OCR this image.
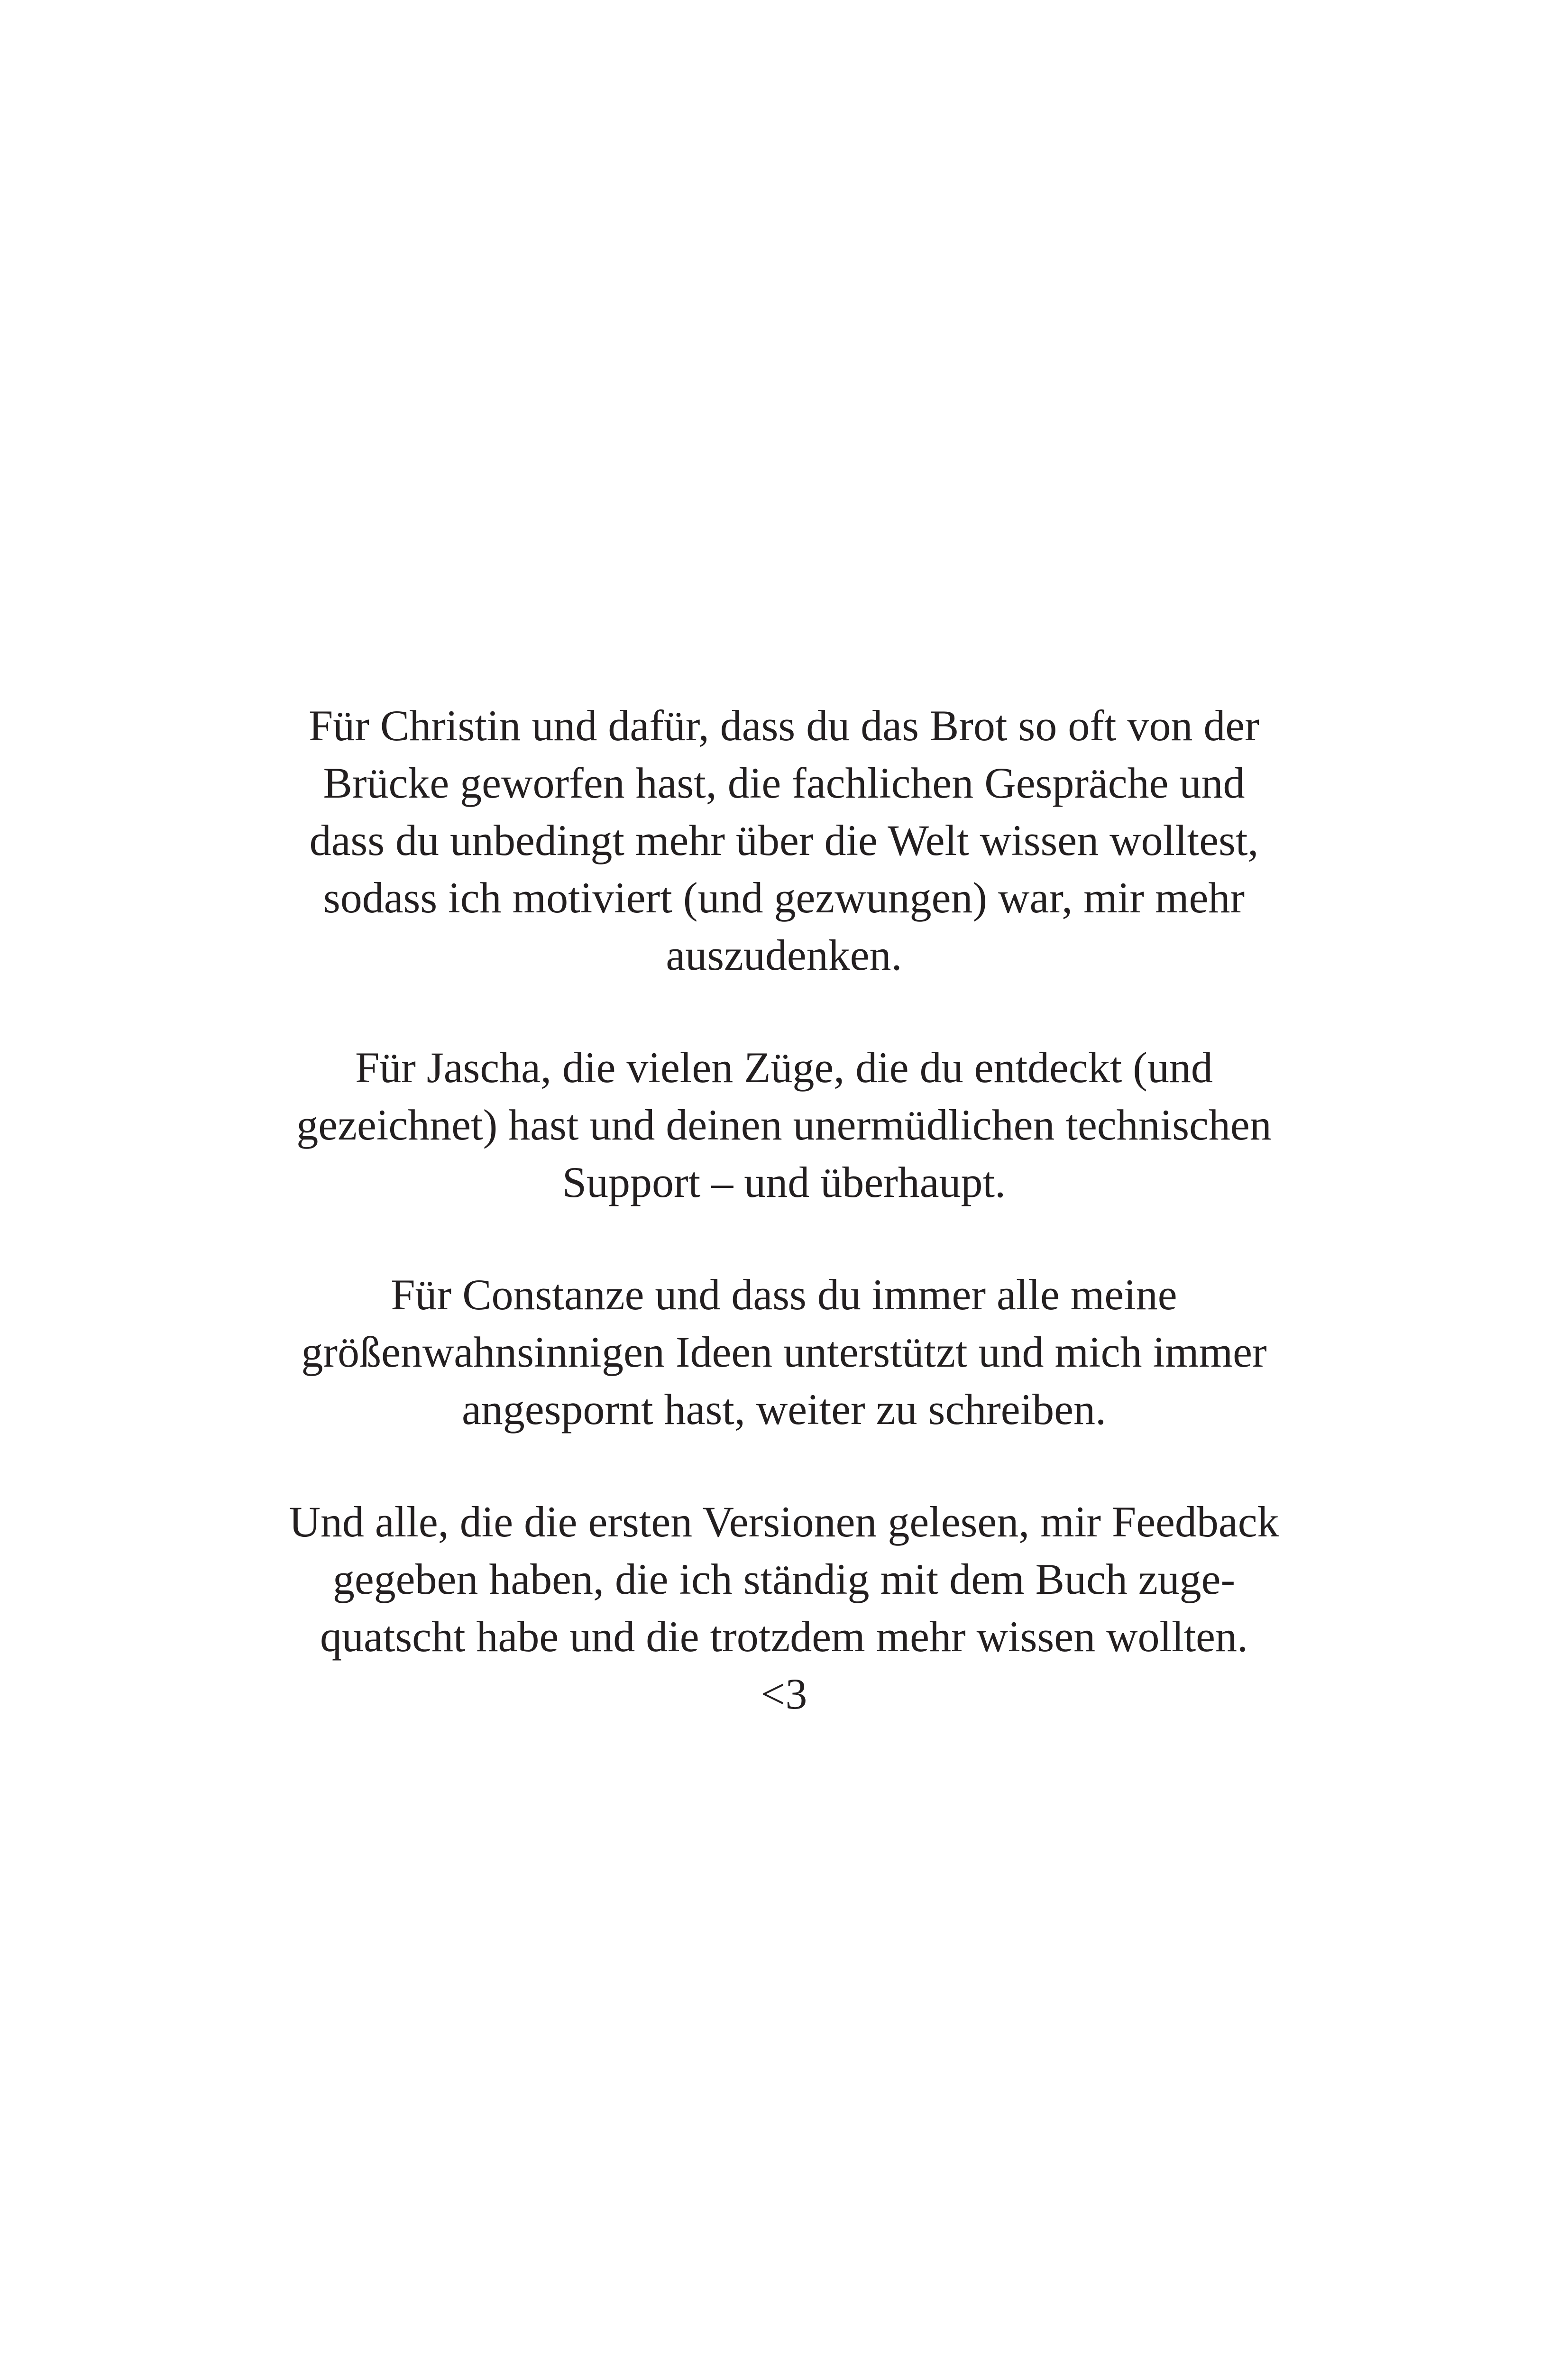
Für Christin und dafür, dass du das Brot so oft von der
Brücke geworfen hast, die fachlichen Gespräche und
dass du unbedingt mehr über die Welt wissen wolltest,
sodass ich motiviert (und gezwungen) war, mir mehr
auszudenken.

Für Jascha, die vielen Züge, die du entdeckt (und
gezeichnet) hast und deinen unermüdlichen technischen
Support – und überhaupt.

Für Constanze und dass du immer alle meine
größenwahnsinnigen Ideen unterstützt und mich immer
angespornt hast, weiter zu schreiben.

Und alle, die die ersten Versionen gelesen, mir Feedback
gegeben haben, die ich ständig mit dem Buch zuge-
quatscht habe und die trotzdem mehr wissen wollten.
<3
